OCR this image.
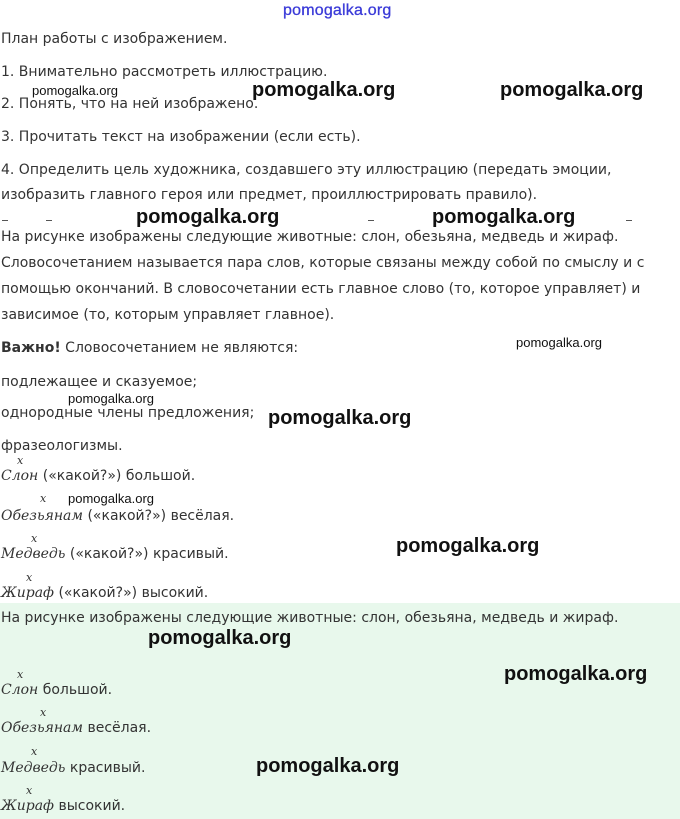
pomogalka.org
План работы с изображением.
1. Внимательно рассмотреть иллюстрацию.
2. Понять, что на ней изображено.
3. Прочитать текст на изображении (если есть).
4. Определить цель художника, создавшего эту иллюстрацию (передать эмоции,
изобразить главного героя или предмет, проиллюстрировать правило).
На рисунке изображены следующие животные: слон, обезьяна, медведь и жираф.
Словосочетанием называется пара слов, которые связаны между собой по смыслу и с
помощью окончаний. В словосочетании есть главное слово (то, которое управляет) и
зависимое (то, которым управляет главное).
Важно! Словосочетанием не являются:
подлежащее и сказуемое;
однородные члены предложения;
фразеологизмы.
x
Слон («какой?») большой.
x
Обезьянам («какой?») весёлая.
x
Медведь («какой?») красивый.
x
Жираф («какой?») высокий.
На рисунке изображены следующие животные: слон, обезьяна, медведь и жираф.
x
Слон большой.
x
Обезьянам весёлая.
x
Медведь красивый.
x
Жираф высокий.
pomogalka.org	pomogalka.org	pomogalka.org
pomogalka.org	pomogalka.org
pomogalka.org
pomogalka.org
pomogalka.org
pomogalka.org
pomogalka.org
pomogalka.org
pomogalka.org
pomogalka.org
